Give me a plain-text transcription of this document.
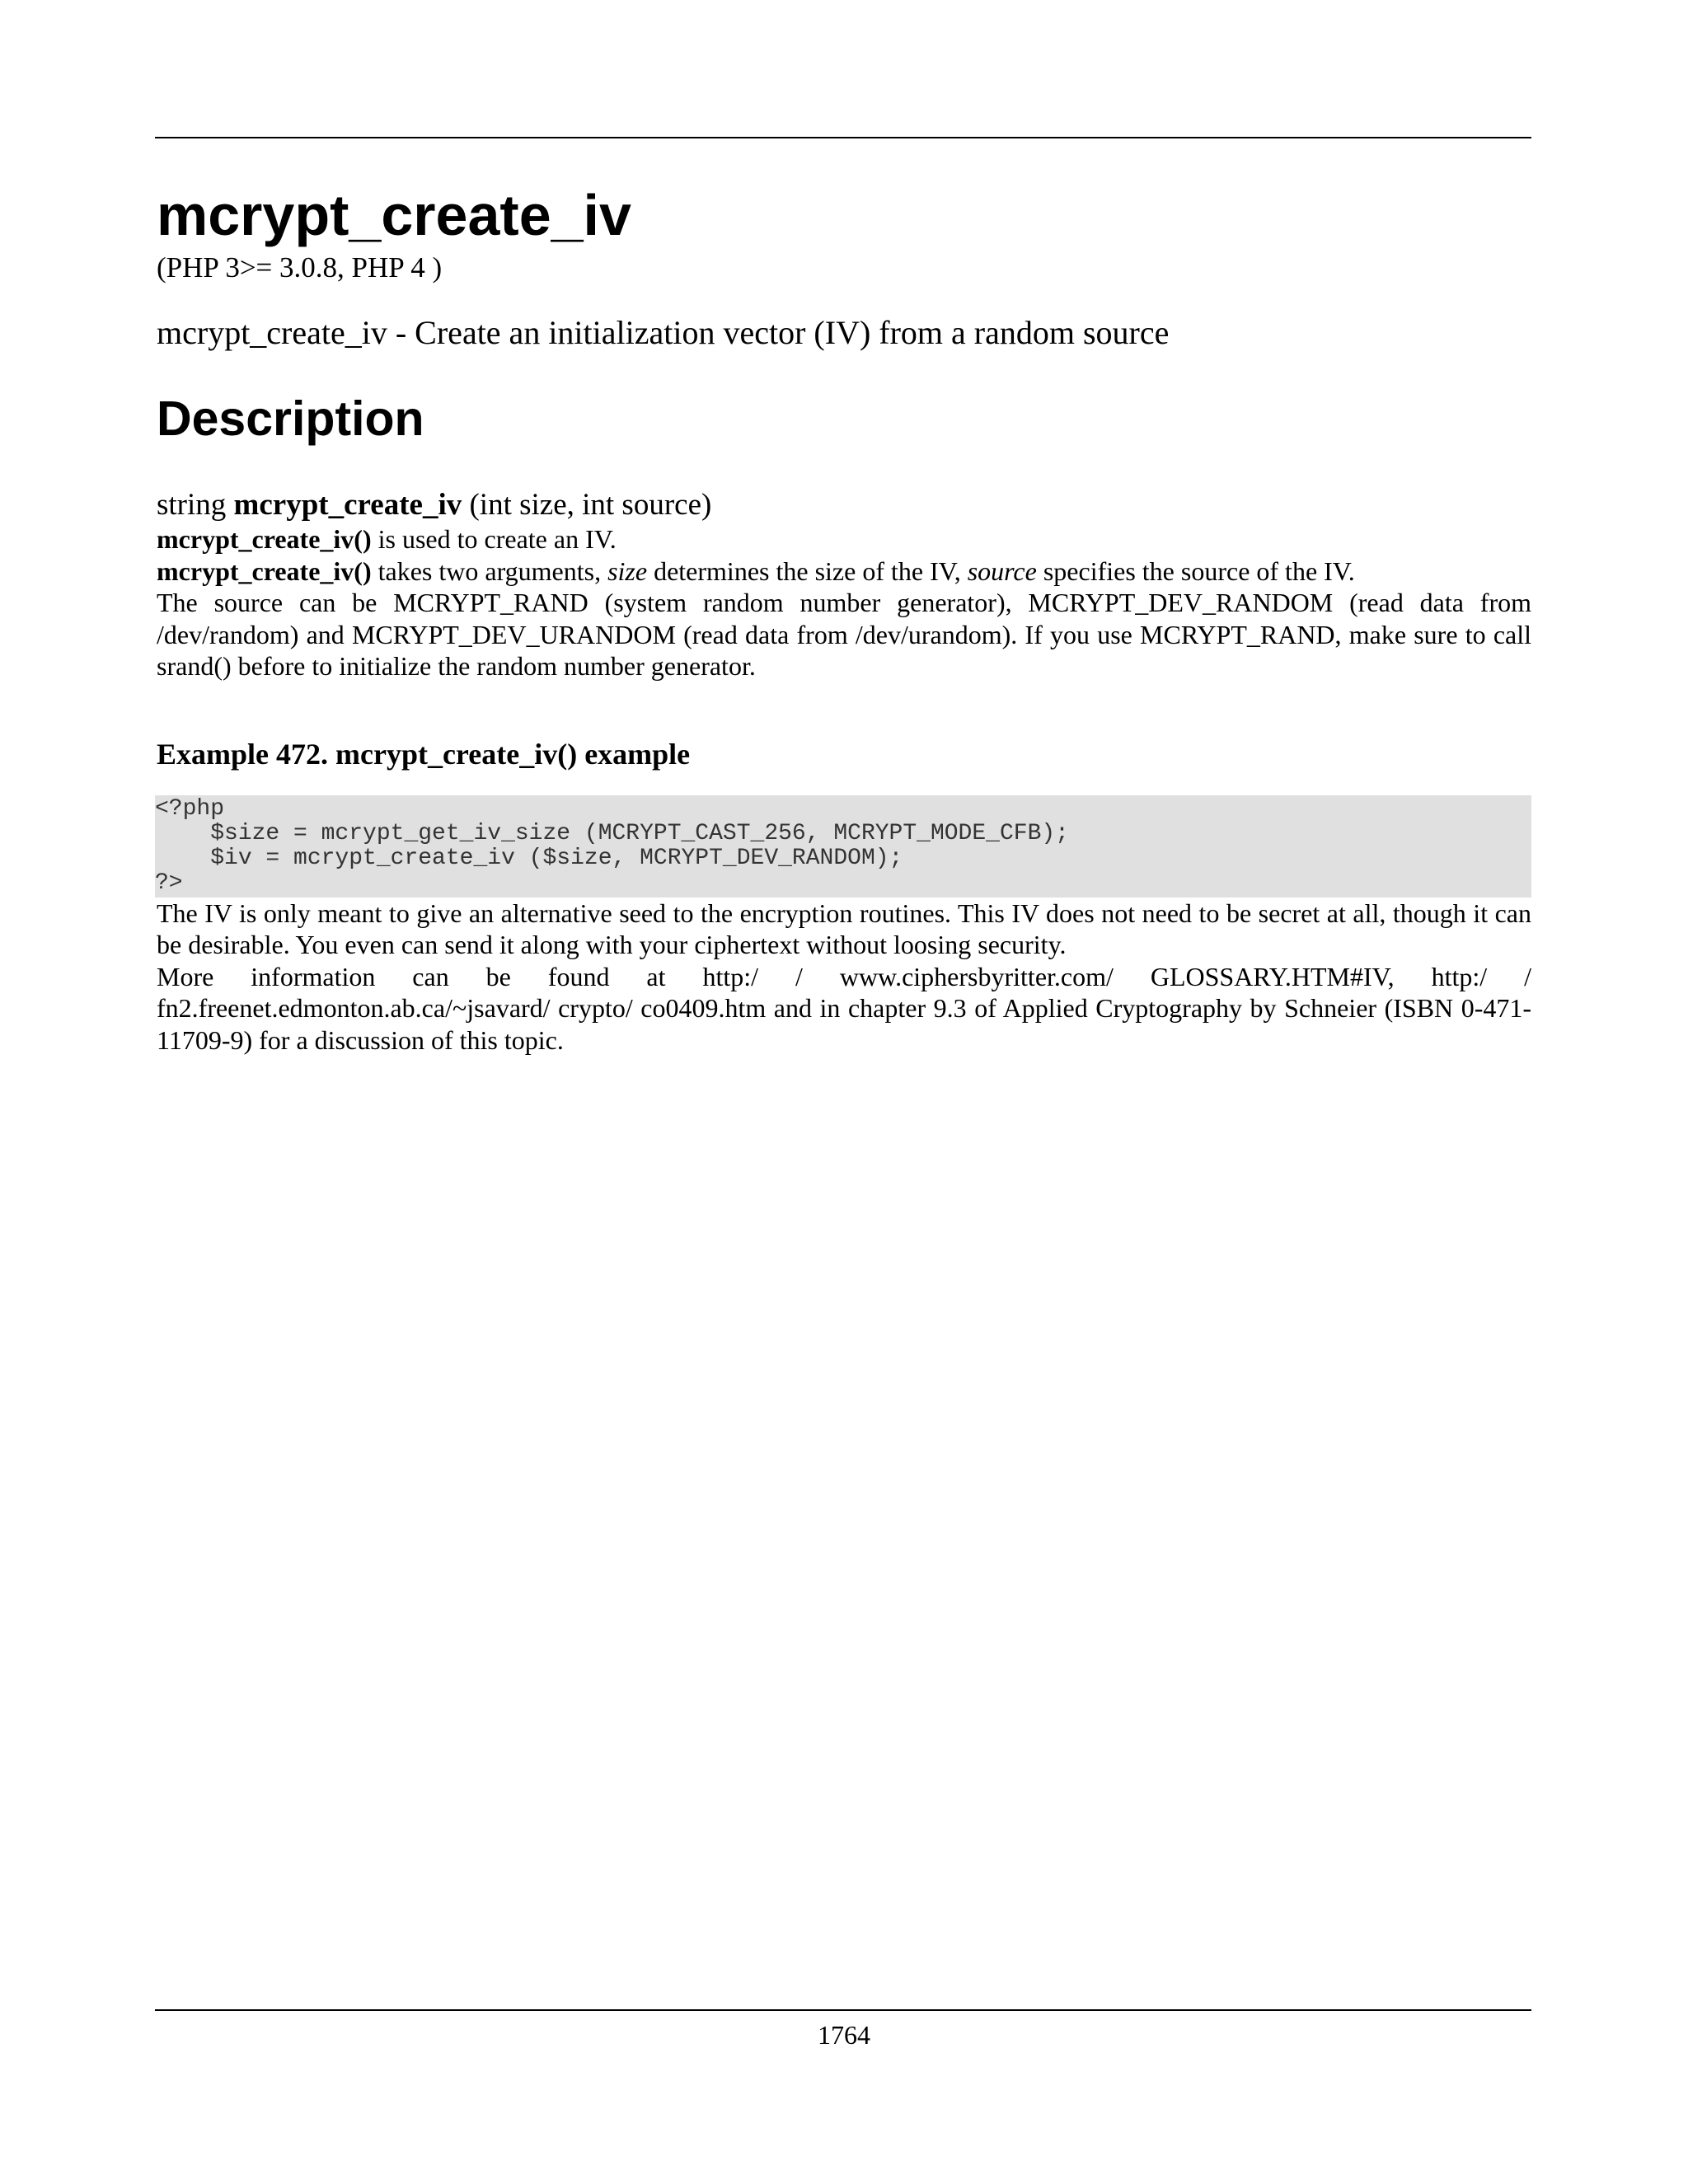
mcrypt_create_iv
(PHP 3>= 3.0.8, PHP 4 )
mcrypt_create_iv - Create an initialization vector (IV) from a random source
Description
string mcrypt_create_iv (int size, int source)

mcrypt_create_iv() is used to create an IV.

mcrypt_create_iv() takes two arguments, size determines the size of the IV, source specifies the source of the IV.

The source can be MCRYPT_RAND (system random number generator), MCRYPT_DEV_RANDOM (read data from /dev/random) and MCRYPT_DEV_URANDOM (read data from /dev/urandom). If you use MCRYPT_RAND, make sure to call srand() before to initialize the random number generator.

Example 472. mcrypt_create_iv() example
<?php
$size = mcrypt_get_iv_size (MCRYPT_CAST_256, MCRYPT_MODE_CFB);
$iv = mcrypt_create_iv ($size, MCRYPT_DEV_RANDOM);
?>

The IV is only meant to give an alternative seed to the encryption routines. This IV does not need to be secret at all, though it can be desirable. You even can send it along with your ciphertext without loosing security.

More information can be found at http:/ / www.ciphersbyritter.com/ GLOSSARY.HTM#IV, http:/ / fn2.freenet.edmonton.ab.ca/~jsavard/ crypto/ co0409.htm and in chapter 9.3 of Applied Cryptography by Schneier (ISBN 0-471-11709-9) for a discussion of this topic.

1764
